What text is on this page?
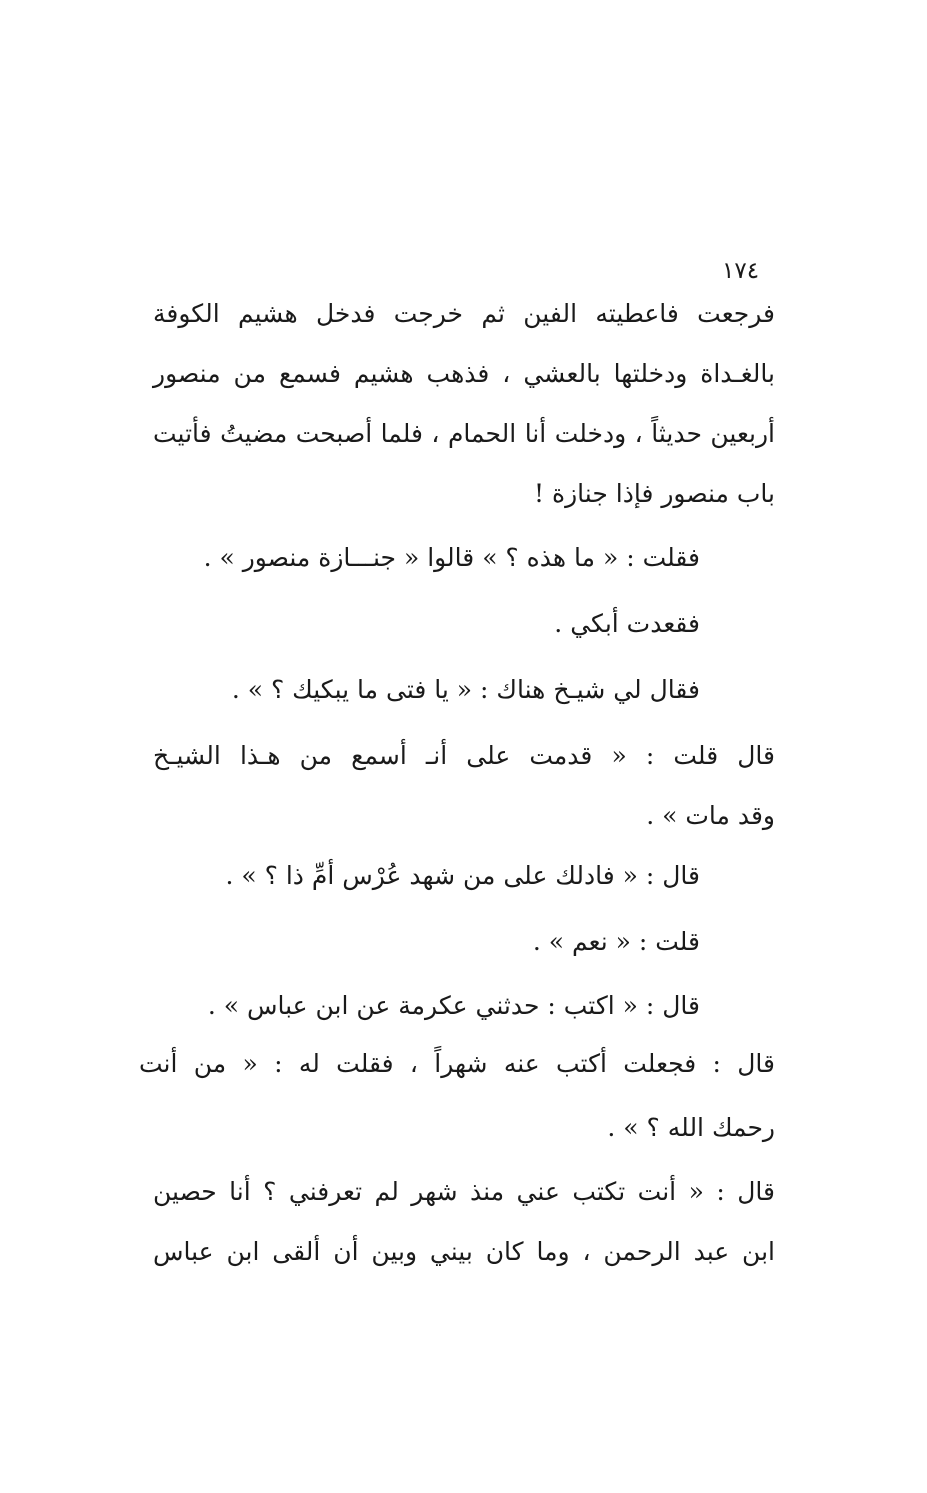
١٧٤
فرجعت فاعطيته الفين ثم خرجت فدخل هشيم الكوفة
بالغـداة ودخلتها بالعشي ، فذهب هشيم فسمع من منصور
أربعين حديثاً ، ودخلت أنا الحمام ، فلما أصبحت مضيتُ فأتيت
باب منصور فإذا جنازة !
فقلت : « ما هذه ؟ » قالوا « جنـــازة منصور » .
فقعدت أبكي .
فقال لي شيـخ هناك : « يا فتى ما يبكيك ؟ » .
قال قلت : « قدمت على أنـ أسمع من هـذا الشيـخ
وقد مات » .
قال : « فادلك على من شهد عُرْس أمِّ ذا ؟ » .
قلت : « نعم » .
قال : « اكتب : حدثني عكرمة عن ابن عباس » .
قال : فجعلت أكتب عنه شهراً ، فقلت له : « من أنت
رحمك الله ؟ » .
قال : « أنت تكتب عني منذ شهر لم تعرفني ؟ أنا حصين
ابن عبد الرحمن ، وما كان بيني وبين أن ألقى ابن عباس
